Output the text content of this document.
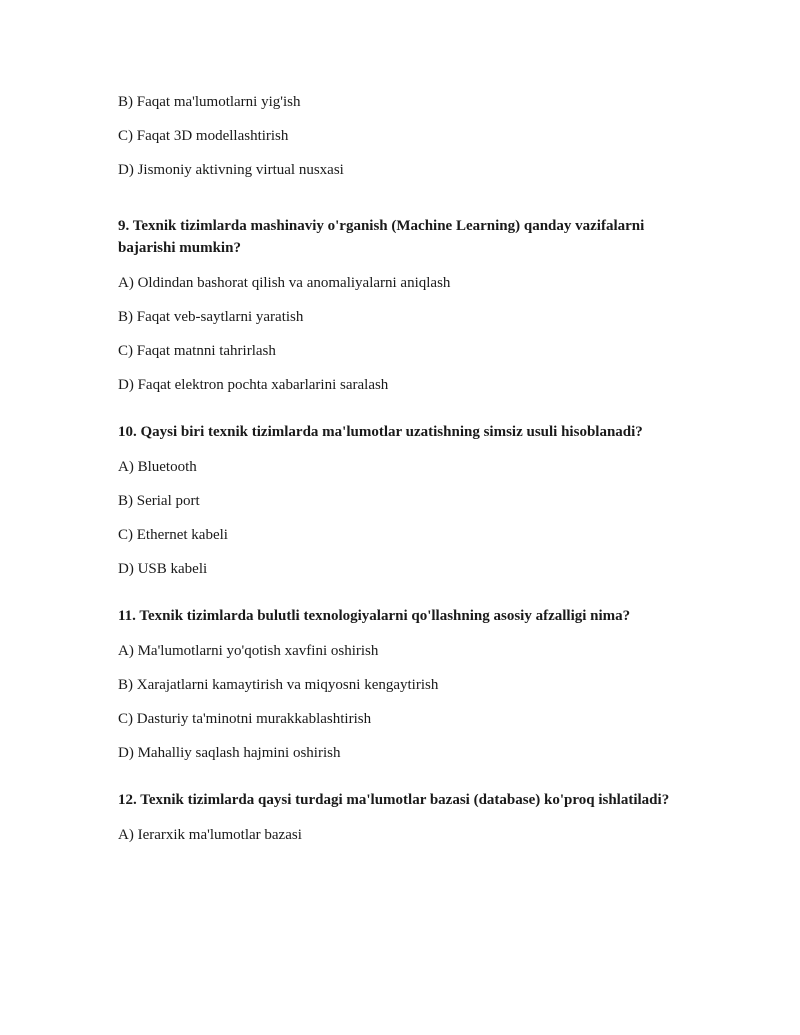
B) Faqat ma'lumotlarni yig'ish

C) Faqat 3D modellashtirish

D) Jismoniy aktivning virtual nusxasi

9. Texnik tizimlarda mashinaviy o'rganish (Machine Learning) qanday vazifalarni bajarishi mumkin?

A) Oldindan bashorat qilish va anomaliyalarni aniqlash

B) Faqat veb-saytlarni yaratish

C) Faqat matnni tahrirlash

D) Faqat elektron pochta xabarlarini saralash

10. Qaysi biri texnik tizimlarda ma'lumotlar uzatishning simsiz usuli hisoblanadi?

A) Bluetooth

B) Serial port

C) Ethernet kabeli

D) USB kabeli

11. Texnik tizimlarda bulutli texnologiyalarni qo'llashning asosiy afzalligi nima?

A) Ma'lumotlarni yo'qotish xavfini oshirish

B) Xarajatlarni kamaytirish va miqyosni kengaytirish

C) Dasturiy ta'minotni murakkablashtirish

D) Mahalliy saqlash hajmini oshirish

12. Texnik tizimlarda qaysi turdagi ma'lumotlar bazasi (database) ko'proq ishlatiladi?

A) Ierarxik ma'lumotlar bazasi
